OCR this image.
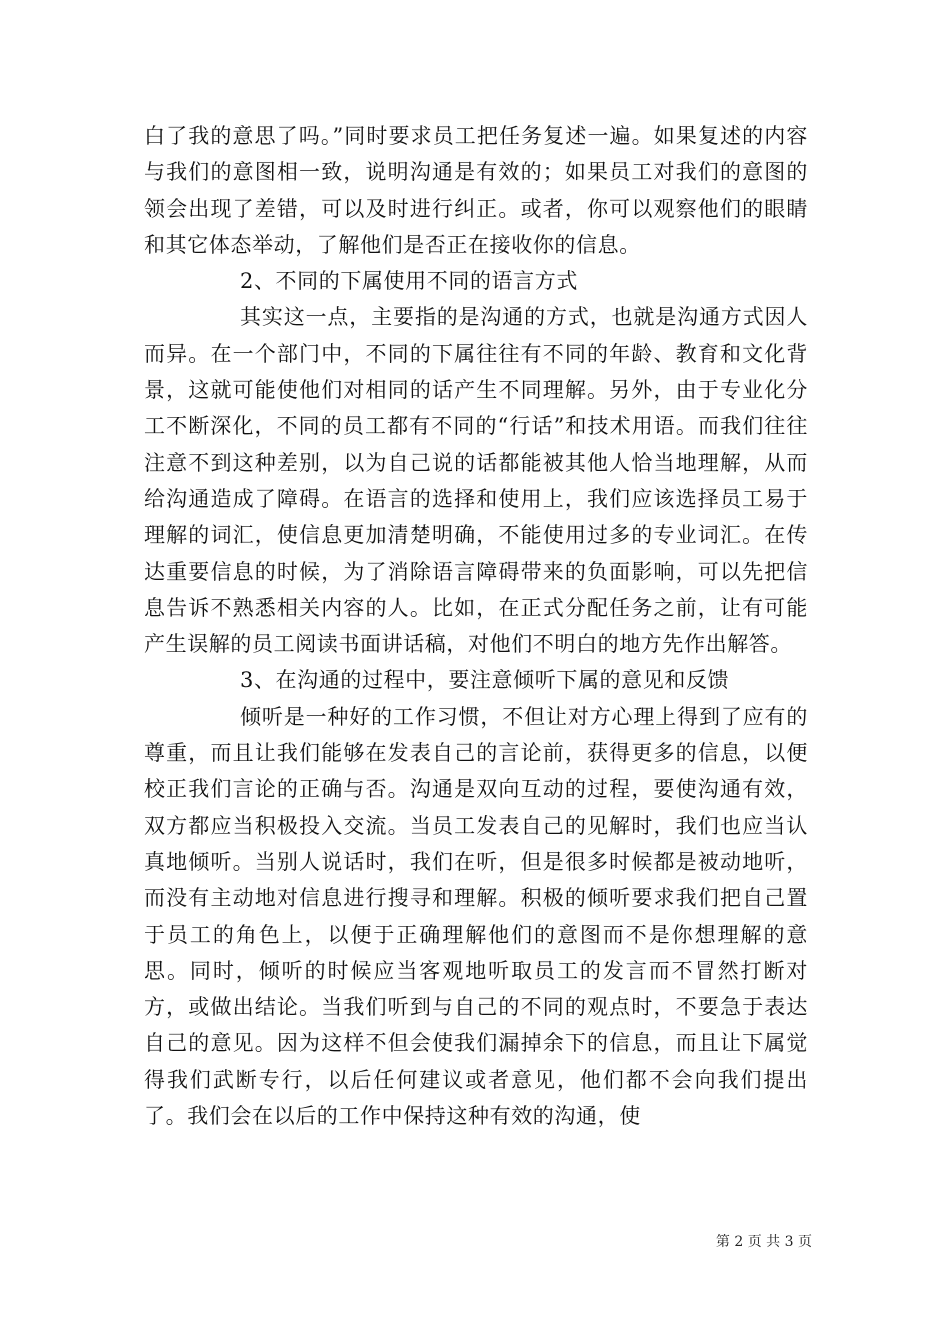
白了我的意思了吗。”同时要求员工把任务复述一遍。如果复述的内容与我们的意图相一致，说明沟通是有效的；如果员工对我们的意图的领会出现了差错，可以及时进行纠正。或者，你可以观察他们的眼睛和其它体态举动，了解他们是否正在接收你的信息。

2、不同的下属使用不同的语言方式

其实这一点，主要指的是沟通的方式，也就是沟通方式因人而异。在一个部门中，不同的下属往往有不同的年龄、教育和文化背景，这就可能使他们对相同的话产生不同理解。另外，由于专业化分工不断深化，不同的员工都有不同的“行话”和技术用语。而我们往往注意不到这种差别，以为自己说的话都能被其他人恰当地理解，从而给沟通造成了障碍。在语言的选择和使用上，我们应该选择员工易于理解的词汇，使信息更加清楚明确，不能使用过多的专业词汇。在传达重要信息的时候，为了消除语言障碍带来的负面影响，可以先把信息告诉不熟悉相关内容的人。比如，在正式分配任务之前，让有可能产生误解的员工阅读书面讲话稿，对他们不明白的地方先作出解答。

3、在沟通的过程中，要注意倾听下属的意见和反馈

倾听是一种好的工作习惯，不但让对方心理上得到了应有的尊重，而且让我们能够在发表自己的言论前，获得更多的信息，以便校正我们言论的正确与否。沟通是双向互动的过程，要使沟通有效，双方都应当积极投入交流。当员工发表自己的见解时，我们也应当认真地倾听。当别人说话时，我们在听，但是很多时候都是被动地听，而没有主动地对信息进行搜寻和理解。积极的倾听要求我们把自己置于员工的角色上，以便于正确理解他们的意图而不是你想理解的意思。同时，倾听的时候应当客观地听取员工的发言而不冒然打断对方，或做出结论。当我们听到与自己的不同的观点时，不要急于表达自己的意见。因为这样不但会使我们漏掉余下的信息，而且让下属觉得我们武断专行，以后任何建议或者意见，他们都不会向我们提出了。我们会在以后的工作中保持这种有效的沟通，使

第 2 页 共 3 页
